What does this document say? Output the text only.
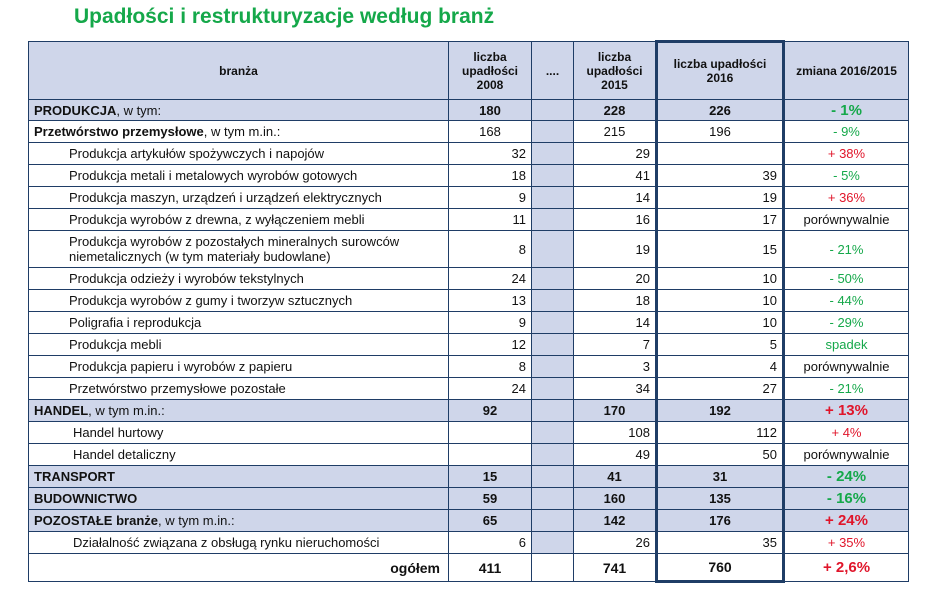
Upadłości i restrukturyzacje według branż
branża	liczba upadłości 2008	....	liczba upadłości 2015	liczba upadłości 2016	zmiana 2016/2015
PRODUKCJA, w tym:	180		228	226	- 1%
Przetwórstwo przemysłowe, w tym m.in.:	168		215	196	- 9%
Produkcja artykułów spożywczych i napojów	32		29		+ 38%
Produkcja metali i metalowych wyrobów gotowych	18		41	39	- 5%
Produkcja maszyn, urządzeń i urządzeń elektrycznych	9		14	19	+ 36%
Produkcja wyrobów z drewna, z wyłączeniem mebli	11		16	17	porównywalnie
Produkcja wyrobów z pozostałych mineralnych surowców niemetalicznych (w tym materiały budowlane)	8		19	15	- 21%
Produkcja odzieży i wyrobów tekstylnych	24		20	10	- 50%
Produkcja wyrobów z gumy i tworzyw sztucznych	13		18	10	- 44%
Poligrafia i reprodukcja	9		14	10	- 29%
Produkcja mebli	12		7	5	spadek
Produkcja papieru i wyrobów z papieru	8		3	4	porównywalnie
Przetwórstwo przemysłowe pozostałe	24		34	27	- 21%
HANDEL, w tym m.in.:	92		170	192	+ 13%
Handel hurtowy			108	112	+ 4%
Handel detaliczny			49	50	porównywalnie
TRANSPORT	15		41	31	- 24%
BUDOWNICTWO	59		160	135	- 16%
POZOSTAŁE branże, w tym m.in.:	65		142	176	+ 24%
Działalność związana z obsługą rynku nieruchomości	6		26	35	+ 35%
ogółem	411		741	760	+ 2,6%
